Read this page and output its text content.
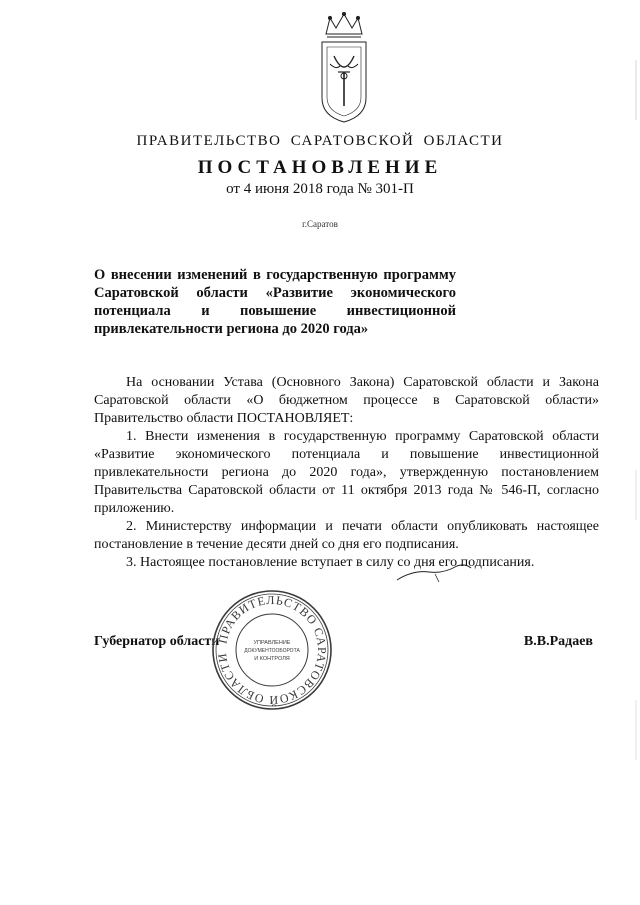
ПРАВИТЕЛЬСТВО САРАТОВСКОЙ ОБЛАСТИ
ПОСТАНОВЛЕНИЕ
от 4 июня 2018 года № 301-П
г.Саратов

О внесении изменений в государственную программу Саратовской области «Развитие экономического потенциала и повышение инвестиционной привлекательности региона до 2020 года»

На основании Устава (Основного Закона) Саратовской области и Закона Саратовской области «О бюджетном процессе в Саратовской области» Правительство области ПОСТАНОВЛЯЕТ:

1. Внести изменения в государственную программу Саратовской области «Развитие экономического потенциала и повышение инвестиционной привлекательности региона до 2020 года», утвержденную постановлением Правительства Саратовской области от 11 октября 2013 года № 546-П, согласно приложению.

2. Министерству информации и печати области опубликовать настоящее постановление в течение десяти дней со дня его подписания.

3. Настоящее постановление вступает в силу со дня его подписания.

Губернатор области	В.В.Радаев
ПРАВИТЕЛЬСТВО САРАТОВСКОЙ ОБЛАСТИ
УПРАВЛЕНИЕ
ДОКУМЕНТООБОРОТА
И КОНТРОЛЯ
